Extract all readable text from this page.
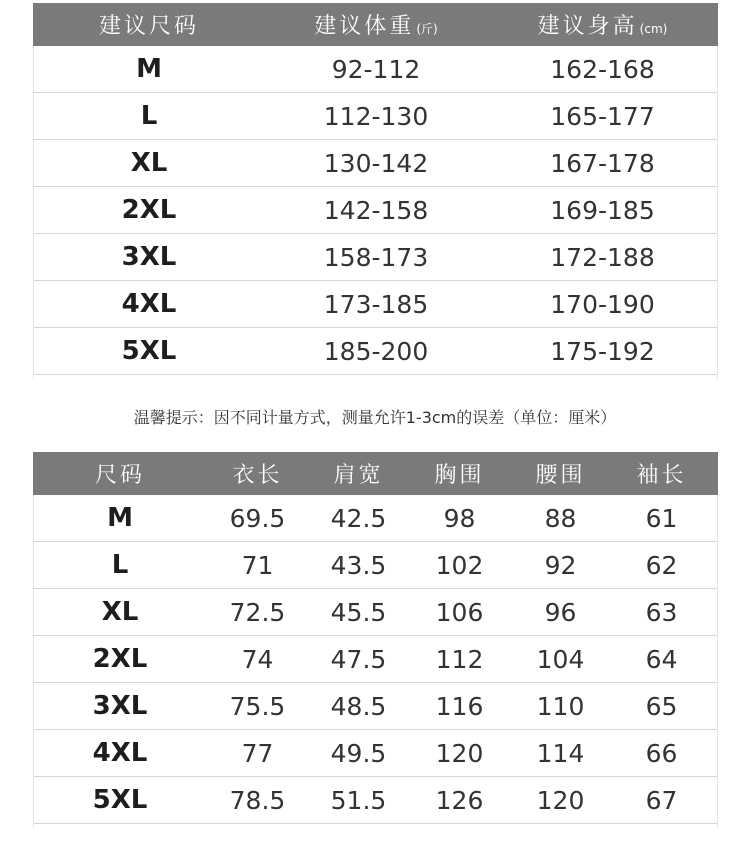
建议尺码	建议体重 (斤)	建议身高 (cm)
M	92-112	162-168
L	112-130	165-177
XL	130-142	167-178
2XL	142-158	169-185
3XL	158-173	172-188
4XL	173-185	170-190
5XL	185-200	175-192
温馨提示：因不同计量方式，测量允许1-3cm的误差（单位：厘米）
尺码	衣长	肩宽	胸围	腰围	袖长
M	69.5	42.5	98	88	61
L	71	43.5	102	92	62
XL	72.5	45.5	106	96	63
2XL	74	47.5	112	104	64
3XL	75.5	48.5	116	110	65
4XL	77	49.5	120	114	66
5XL	78.5	51.5	126	120	67
